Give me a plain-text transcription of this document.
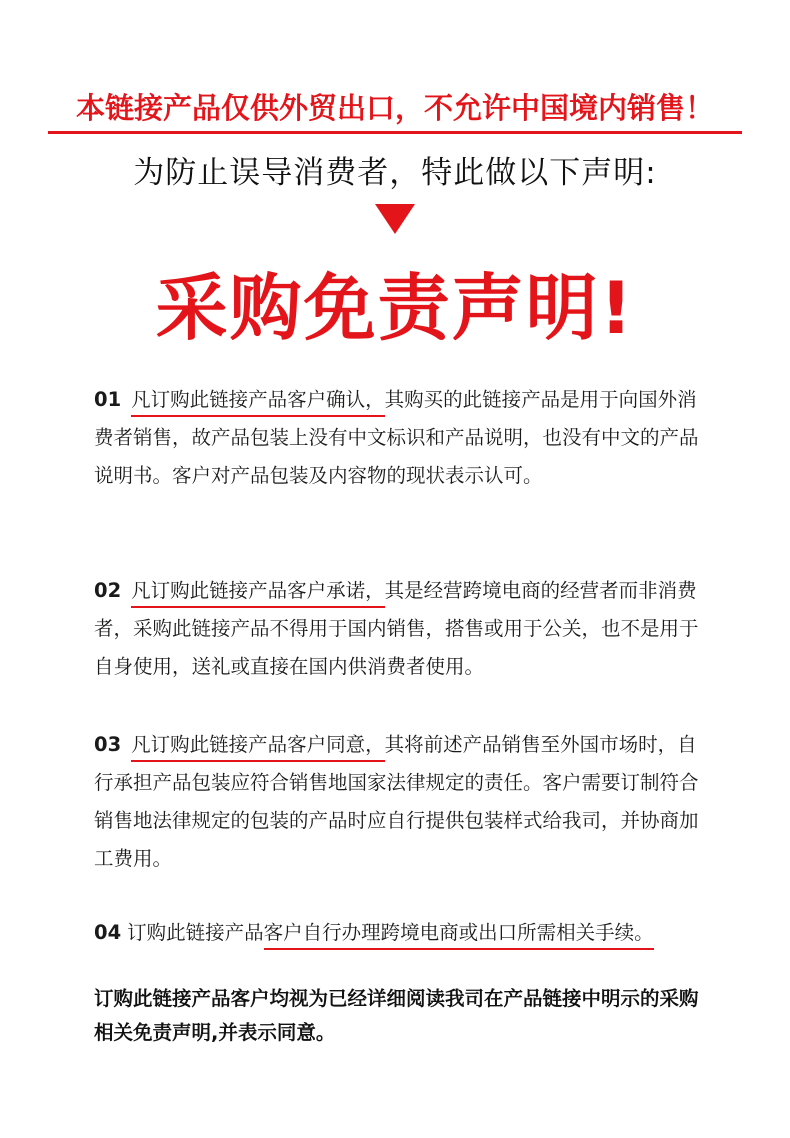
本链接产品仅供外贸出口，不允许中国境内销售！
为防止误导消费者，特此做以下声明:
采购免责声明!
01 凡订购此链接产品客户确认，其购买的此链接产品是用于向国外消费者销售，故产品包装上没有中文标识和产品说明，也没有中文的产品说明书。客户对产品包装及内容物的现状表示认可。
02 凡订购此链接产品客户承诺，其是经营跨境电商的经营者而非消费者，采购此链接产品不得用于国内销售，搭售或用于公关，也不是用于自身使用，送礼或直接在国内供消费者使用。
03 凡订购此链接产品客户同意，其将前述产品销售至外国市场时，自行承担产品包装应符合销售地国家法律规定的责任。客户需要订制符合销售地法律规定的包装的产品时应自行提供包装样式给我司，并协商加工费用。
04 订购此链接产品客户自行办理跨境电商或出口所需相关手续。
订购此链接产品客户均视为已经详细阅读我司在产品链接中明示的采购相关免责声明,并表示同意。
